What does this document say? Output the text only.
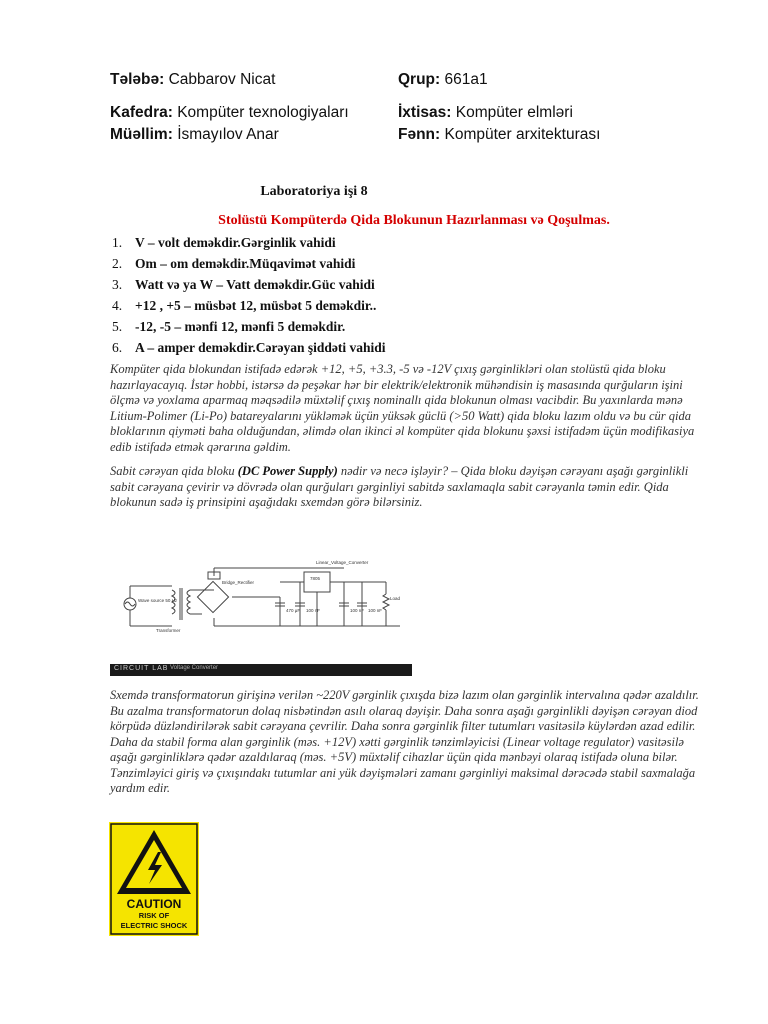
Tələbə: Cabbarov Nicat	Qrup: 661a1
Kafedra: Kompüter texnologiyaları	İxtisas: Kompüter elmləri
Müəllim: İsmayılov Anar	Fənn: Kompüter arxitekturası
Laboratoriya işi 8
Stolüstü Kompüterdə Qida Blokunun Hazırlanması və Qoşulmas.
1. V – volt deməkdir.Gərginlik vahidi
2. Om – om deməkdir.Müqavimət vahidi
3. Watt və ya W – Vatt deməkdir.Güc vahidi
4. +12 , +5 – müsbət 12, müsbət 5 deməkdir..
5. -12, -5 – mənfi 12, mənfi 5 deməkdir.
6. A – amper deməkdir.Cərəyan şiddəti vahidi

Kompüter qida blokundan istifadə edərək +12, +5, +3.3, -5 və -12V çıxış gərginlikləri olan stolüstü qida bloku hazırlayacayıq. İstər hobbi, istərsə də peşəkar hər bir elektrik/elektronik mühəndisin iş masasında qurğuların işini ölçmə və yoxlama aparmaq məqsədilə müxtəlif çıxış nominallı qida blokunun olması vacibdir. Bu yaxınlarda mənə Litium-Polimer (Li-Po) batareyalarını yükləmək üçün yüksək güclü (>50 Watt) qida bloku lazım oldu və bu cür qida bloklarının qiyməti baha olduğundan, əlimdə olan ikinci əl kompüter qida blokunu şəxsi istifadəm üçün modifikasiya edib istifadə etmək qərarına gəldim.

Sabit cərəyan qida bloku (DC Power Supply) nədir və necə işləyir? – Qida bloku dəyişən cərəyanı aşağı gərginlikli sabit cərəyana çevirir və dövrədə olan qurğuları gərginliyi sabitdə saxlamaqla sabit cərəyanla təmin edir. Qida blokunun sadə iş prinsipini aşağıdakı sxemdən görə bilərsiniz.

Linear_Voltage_Converter
7805
Bridge_Rectifier
Transformer
Wave source 50 Hz
470 μF 100 nF	100 nF 100 nF
Load
CIRCUIT LAB Voltage Converter

Sxemdə transformatorun girişinə verilən ~220V gərginlik çıxışda bizə lazım olan gərginlik intervalına qədər azaldılır. Bu azalma transformatorun dolaq nisbətindən asılı olaraq dəyişir. Daha sonra aşağı gərginlikli dəyişən cərəyan diod körpüdə düzləndirilərək sabit cərəyana çevrilir. Daha sonra gərginlik filter tutumları vasitəsilə küylərdən azad edilir. Daha da stabil forma alan gərginlik (məs. +12V) xətti gərginlik tənzimləyicisi (Linear voltage regulator) vasitəsilə aşağı gərginliklərə qədər azaldılaraq (məs. +5V) müxtəlif cihazlar üçün qida mənbəyi olaraq istifadə oluna bilər. Tənzimləyici giriş və çıxışındakı tutumlar ani yük dəyişmələri zamanı gərginliyi maksimal dərəcədə stabil saxmalağa yardım edir.

CAUTION
RISK OF
ELECTRIC SHOCK
